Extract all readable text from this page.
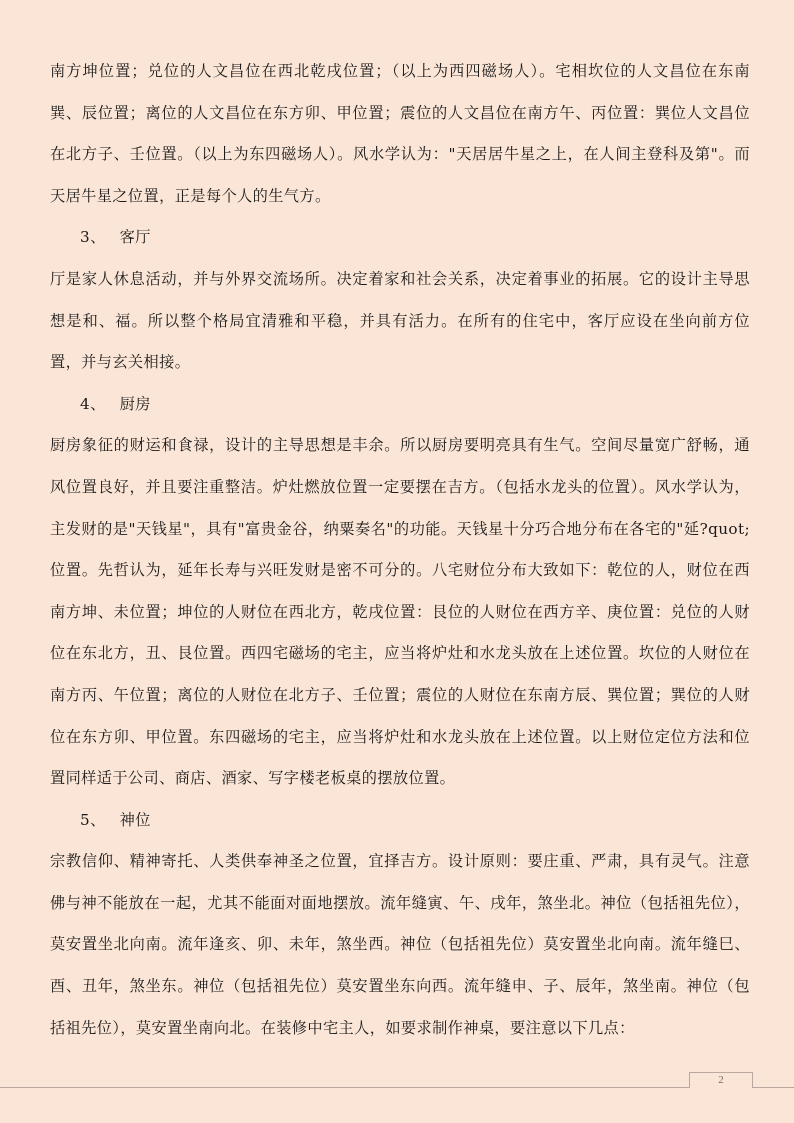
南方坤位置；兑位的人文昌位在西北乾戌位置；（以上为西四磁场人）。宅相坎位的人文昌位在东南巽、辰位置；离位的人文昌位在东方卯、甲位置；震位的人文昌位在南方午、丙位置：巽位人文昌位在北方子、壬位置。（以上为东四磁场人）。风水学认为："天居居牛星之上，在人间主登科及第"。而天居牛星之位置，正是每个人的生气方。

3、 客厅

厅是家人休息活动，并与外界交流场所。决定着家和社会关系，决定着事业的拓展。它的设计主导思想是和、福。所以整个格局宜清雅和平稳，并具有活力。在所有的住宅中，客厅应设在坐向前方位置，并与玄关相接。

4、 厨房

厨房象征的财运和食禄，设计的主导思想是丰余。所以厨房要明亮具有生气。空间尽量宽广舒畅，通风位置良好，并且要注重整洁。炉灶燃放位置一定要摆在吉方。（包括水龙头的位置）。风水学认为，主发财的是"天钱星"，具有"富贵金谷，纳粟奏名"的功能。天钱星十分巧合地分布在各宅的"延?quot;位置。先哲认为，延年长寿与兴旺发财是密不可分的。八宅财位分布大致如下：乾位的人，财位在西南方坤、未位置；坤位的人财位在西北方，乾戌位置：艮位的人财位在西方辛、庚位置：兑位的人财位在东北方，丑、艮位置。西四宅磁场的宅主，应当将炉灶和水龙头放在上述位置。坎位的人财位在南方丙、午位置；离位的人财位在北方子、壬位置；震位的人财位在东南方辰、巽位置；巽位的人财位在东方卯、甲位置。东四磁场的宅主，应当将炉灶和水龙头放在上述位置。以上财位定位方法和位置同样适于公司、商店、酒家、写字楼老板桌的摆放位置。

5、 神位

宗教信仰、精神寄托、人类供奉神圣之位置，宜择吉方。设计原则：要庄重、严肃，具有灵气。注意佛与神不能放在一起，尤其不能面对面地摆放。流年缝寅、午、戌年，煞坐北。神位（包括祖先位），莫安置坐北向南。流年逢亥、卯、未年，煞坐西。神位（包括祖先位）莫安置坐北向南。流年缝巳、酉、丑年，煞坐东。神位（包括祖先位）莫安置坐东向西。流年缝申、子、辰年，煞坐南。神位（包括祖先位），莫安置坐南向北。在装修中宅主人，如要求制作神桌，要注意以下几点：

2
